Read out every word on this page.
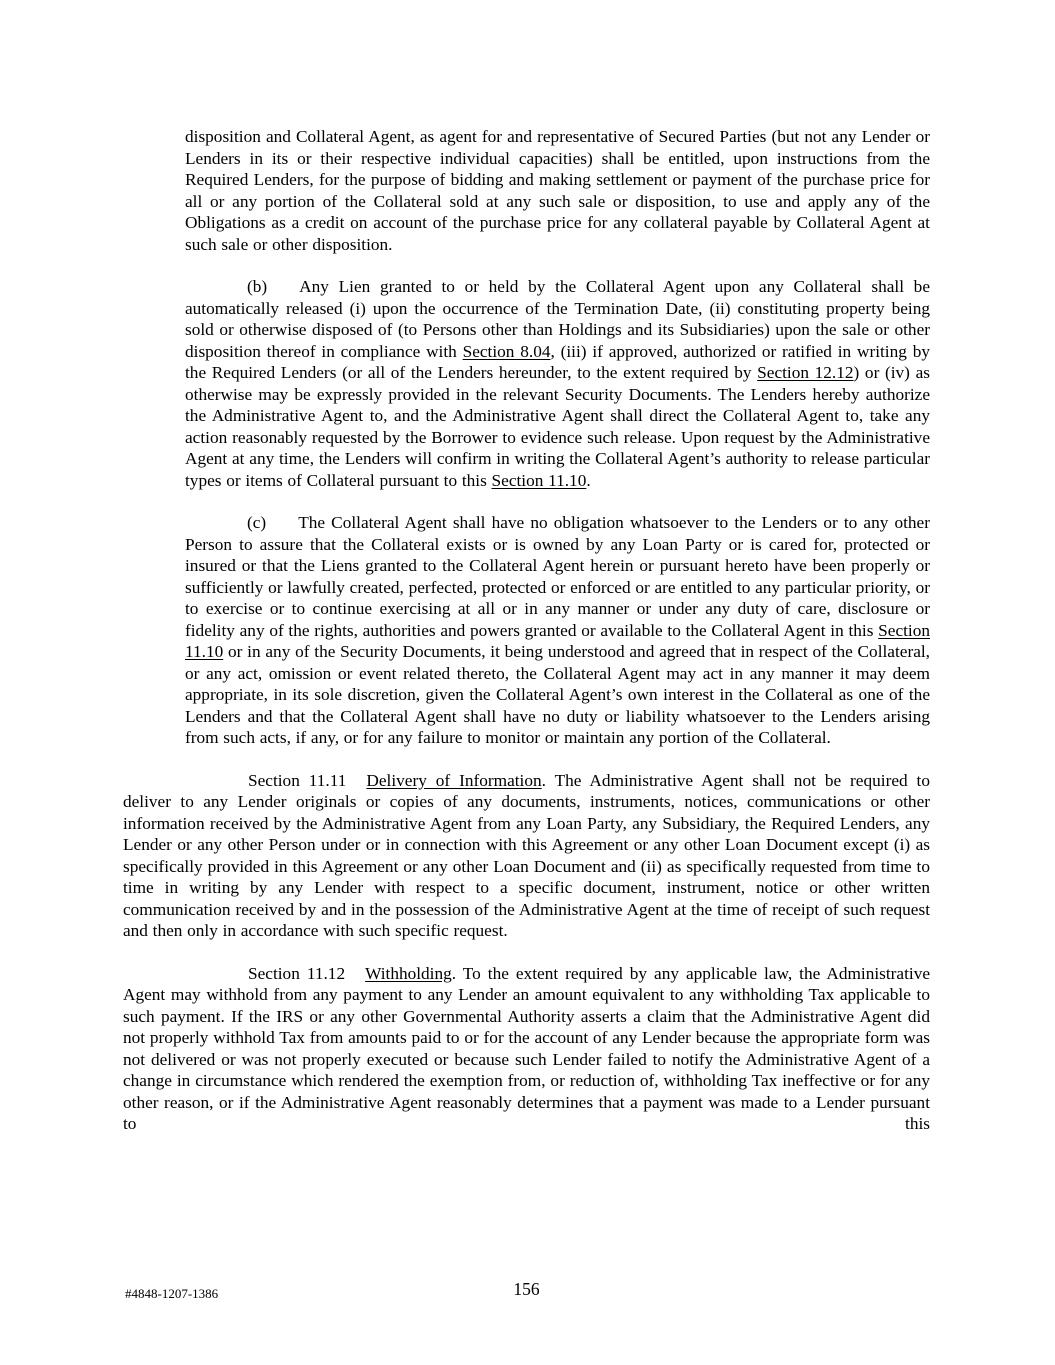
disposition and Collateral Agent, as agent for and representative of Secured Parties (but not any Lender or Lenders in its or their respective individual capacities) shall be entitled, upon instructions from the Required Lenders, for the purpose of bidding and making settlement or payment of the purchase price for all or any portion of the Collateral sold at any such sale or disposition, to use and apply any of the Obligations as a credit on account of the purchase price for any collateral payable by Collateral Agent at such sale or other disposition.

(b) Any Lien granted to or held by the Collateral Agent upon any Collateral shall be automatically released (i) upon the occurrence of the Termination Date, (ii) constituting property being sold or otherwise disposed of (to Persons other than Holdings and its Subsidiaries) upon the sale or other disposition thereof in compliance with Section 8.04, (iii) if approved, authorized or ratified in writing by the Required Lenders (or all of the Lenders hereunder, to the extent required by Section 12.12) or (iv) as otherwise may be expressly provided in the relevant Security Documents. The Lenders hereby authorize the Administrative Agent to, and the Administrative Agent shall direct the Collateral Agent to, take any action reasonably requested by the Borrower to evidence such release. Upon request by the Administrative Agent at any time, the Lenders will confirm in writing the Collateral Agent’s authority to release particular types or items of Collateral pursuant to this Section 11.10.

(c) The Collateral Agent shall have no obligation whatsoever to the Lenders or to any other Person to assure that the Collateral exists or is owned by any Loan Party or is cared for, protected or insured or that the Liens granted to the Collateral Agent herein or pursuant hereto have been properly or sufficiently or lawfully created, perfected, protected or enforced or are entitled to any particular priority, or to exercise or to continue exercising at all or in any manner or under any duty of care, disclosure or fidelity any of the rights, authorities and powers granted or available to the Collateral Agent in this Section 11.10 or in any of the Security Documents, it being understood and agreed that in respect of the Collateral, or any act, omission or event related thereto, the Collateral Agent may act in any manner it may deem appropriate, in its sole discretion, given the Collateral Agent’s own interest in the Collateral as one of the Lenders and that the Collateral Agent shall have no duty or liability whatsoever to the Lenders arising from such acts, if any, or for any failure to monitor or maintain any portion of the Collateral.

Section 11.11 Delivery of Information. The Administrative Agent shall not be required to deliver to any Lender originals or copies of any documents, instruments, notices, communications or other information received by the Administrative Agent from any Loan Party, any Subsidiary, the Required Lenders, any Lender or any other Person under or in connection with this Agreement or any other Loan Document except (i) as specifically provided in this Agreement or any other Loan Document and (ii) as specifically requested from time to time in writing by any Lender with respect to a specific document, instrument, notice or other written communication received by and in the possession of the Administrative Agent at the time of receipt of such request and then only in accordance with such specific request.

Section 11.12 Withholding. To the extent required by any applicable law, the Administrative Agent may withhold from any payment to any Lender an amount equivalent to any withholding Tax applicable to such payment. If the IRS or any other Governmental Authority asserts a claim that the Administrative Agent did not properly withhold Tax from amounts paid to or for the account of any Lender because the appropriate form was not delivered or was not properly executed or because such Lender failed to notify the Administrative Agent of a change in circumstance which rendered the exemption from, or reduction of, withholding Tax ineffective or for any other reason, or if the Administrative Agent reasonably determines that a payment was made to a Lender pursuant to this

#4848-1207-1386	156
